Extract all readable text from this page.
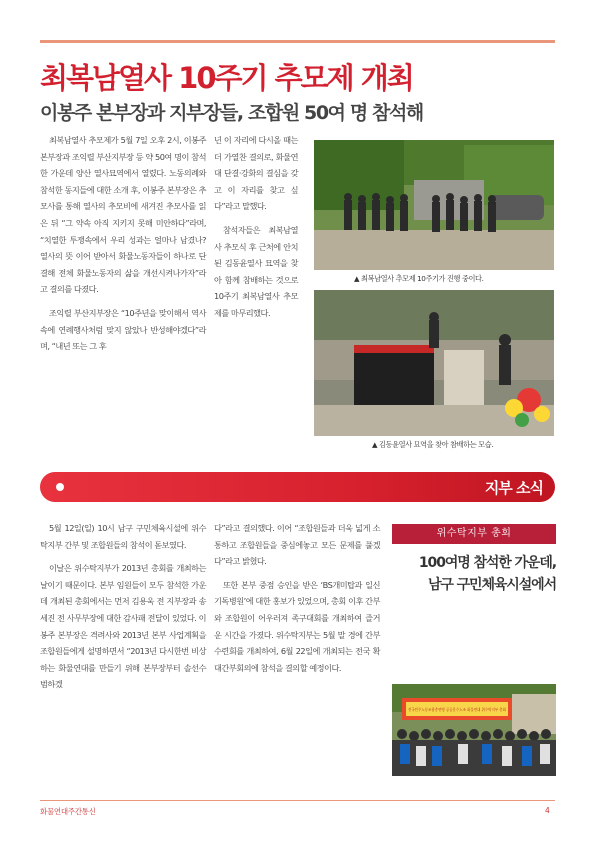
최복남열사 10주기 추모제 개최
이봉주 본부장과 지부장들, 조합원 50여 명 참석해

최복남열사 추모제가 5월 7일 오후 2시, 이봉주 본부장과 조익렬 부산지부장 등 약 50여 명이 참석한 가운데 양산 열사묘역에서 열렸다. 노동의례와 참석한 동지들에 대한 소개 후, 이봉주 본부장은 추모사를 통해 열사의 추모비에 새겨진 추모사를 읽은 뒤 “그 약속 아직 지키지 못해 미안하다”라며, “치열한 투쟁속에서 우리 성과는 얼마나 남겼나? 열사의 뜻 이어 받아서 화물노동자들이 하나로 단결해 전체 화물노동자의 삶을 개선시켜나가자”라고 결의를 다졌다.

조익렬 부산지부장은 “10주년을 맞이해서 역사 속에 연례행사처럼 맞지 않았나 반성해야겠다”라며, “내년 또는 그 후

년 이 자리에 다시올 때는 더 가열찬 결의로, 화물연대 단결·강화의 결심을 갖고 이 자리를 찾고 싶다”라고 말했다.

참석자들은 최복남열사 추모식 후 근처에 안치된 김동윤열사 묘역을 찾아 함께 참배하는 것으로 10주기 최복남열사 추모제를 마무리했다.

▲ 최복남열사 추모제 10주기가 진행 중이다.
▲ 김동윤열사 묘역을 찾아 참배하는 모습.
지부 소식

5월 12일(일) 10시 남구 구민체육시설에 위수탁지부 간부 및 조합원들의 참석이 돋보였다.

이날은 위수탁지부가 2013년 총회를 개최하는 날이기 때문이다. 본부 임원들이 모두 참석한 가운데 개최된 총회에서는 먼저 김용욱 전 지부장과 송세진 전 사무부장에 대한 감사패 전달이 있었다. 이봉주 본부장은 격려사와 2013년 본부 사업계획을 조합원들에게 설명하면서 “2013년 다시한번 비상하는 화물연대를 만들기 위해 본부장부터 솔선수범하겠

다”라고 결의했다. 이어 “조합원들과 더욱 넓게 소통하고 조합원들을 중심에놓고 모든 문제를 풀겠다”라고 밝혔다.

또한 본부 중점 승인을 받은 ‘BS개미탑과 일신기독병원’에 대한 홍보가 있었으며, 총회 이후 간부와 조합원이 어우러져 족구대회를 개최하여 즐거운 시간을 가졌다. 위수탁지부는 5월 말 경에 간부수련회를 개최하여, 6월 22일에 개최되는 전국 확대간부회의에 참석을 결의할 예정이다.

위수탁지부 총회
100여명 참석한 가운데,
남구 구민체육시설에서
전국민주노동조합총연맹 공공운수노조 화물연대 위수탁지부 총회
화물연대주간통신	4
